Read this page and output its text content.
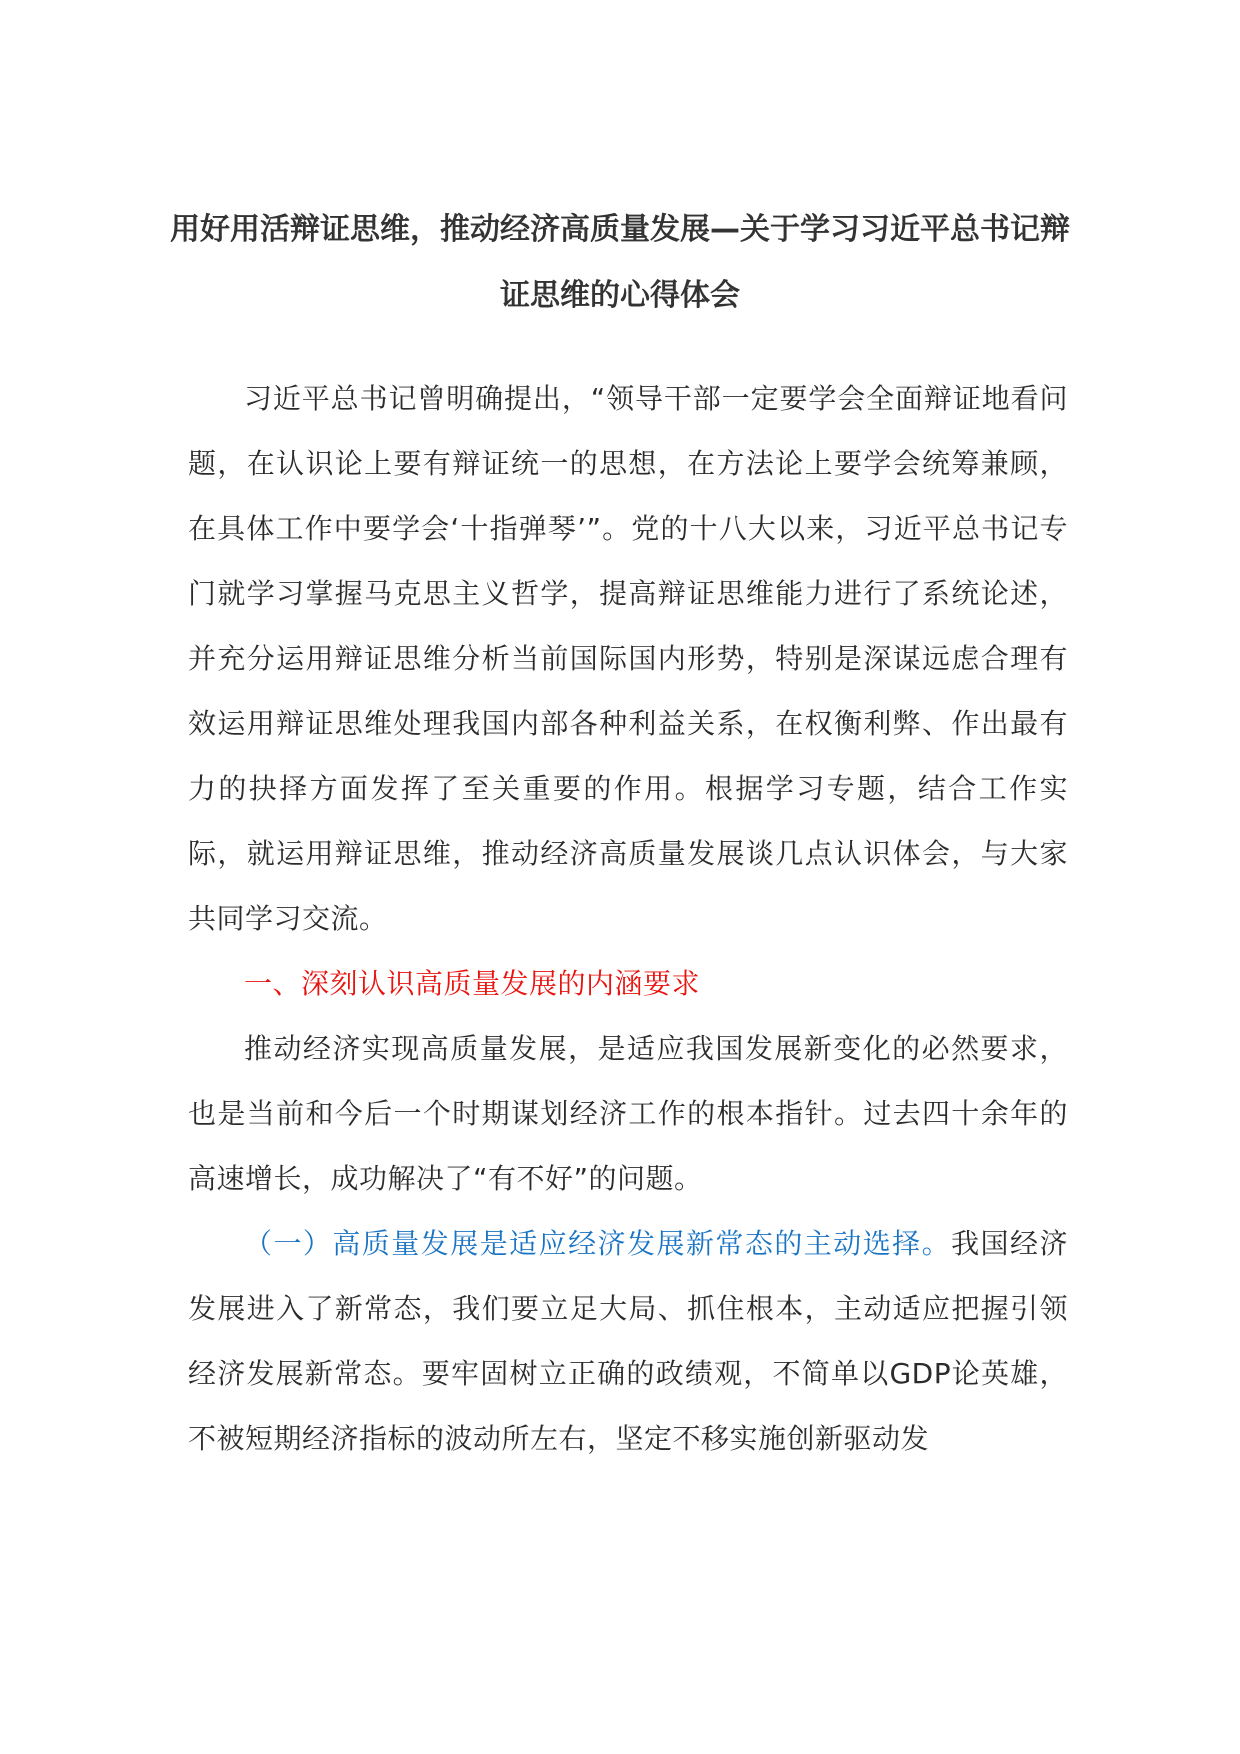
用好用活辩证思维，推动经济高质量发展—关于学习习近平总书记辩证思维的心得体会

习近平总书记曾明确提出，“领导干部一定要学会全面辩证地看问题，在认识论上要有辩证统一的思想，在方法论上要学会统筹兼顾，在具体工作中要学会‘十指弹琴’”。党的十八大以来，习近平总书记专门就学习掌握马克思主义哲学，提高辩证思维能力进行了系统论述，并充分运用辩证思维分析当前国际国内形势，特别是深谋远虑合理有效运用辩证思维处理我国内部各种利益关系，在权衡利弊、作出最有力的抉择方面发挥了至关重要的作用。根据学习专题，结合工作实际，就运用辩证思维，推动经济高质量发展谈几点认识体会，与大家共同学习交流。

一、深刻认识高质量发展的内涵要求

推动经济实现高质量发展，是适应我国发展新变化的必然要求，也是当前和今后一个时期谋划经济工作的根本指针。过去四十余年的高速增长，成功解决了“有不好”的问题。

（一）高质量发展是适应经济发展新常态的主动选择。我国经济发展进入了新常态，我们要立足大局、抓住根本，主动适应把握引领经济发展新常态。要牢固树立正确的政绩观，不简单以GDP论英雄，不被短期经济指标的波动所左右，坚定不移实施创新驱动发
